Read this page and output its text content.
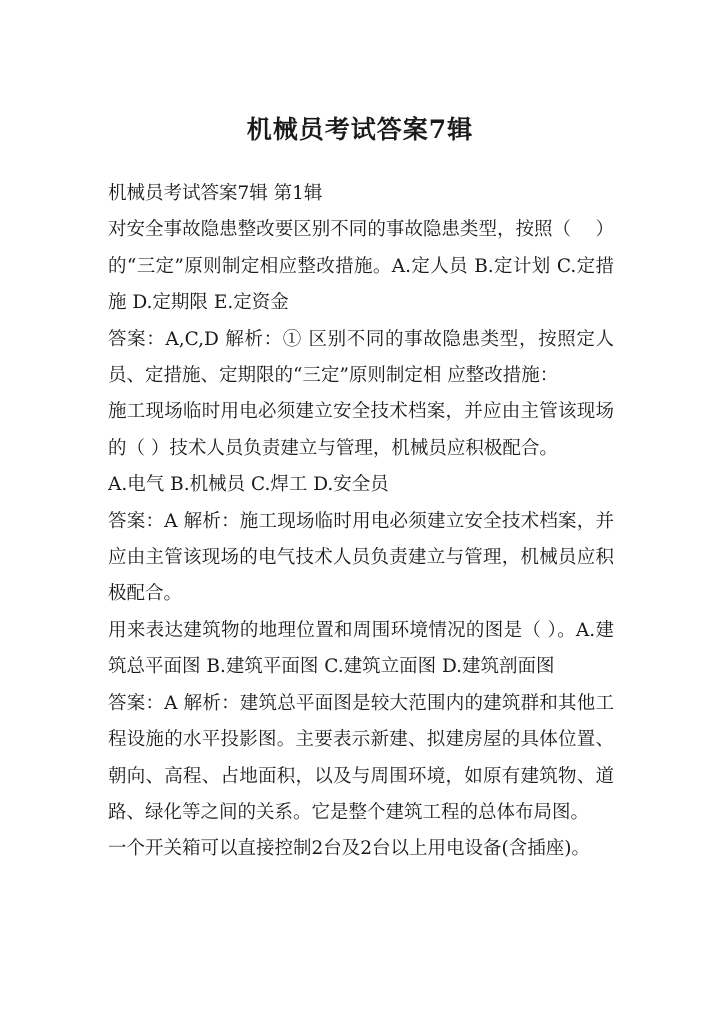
机械员考试答案7辑

机械员考试答案7辑 第1辑

对安全事故隐患整改要区别不同的事故隐患类型，按照（　 ）的“三定”原则制定相应整改措施。A.定人员 B.定计划 C.定措施 D.定期限 E.定资金

答案：A,C,D 解析：① 区别不同的事故隐患类型，按照定人员、定措施、定期限的“三定”原则制定相 应整改措施：

施工现场临时用电必须建立安全技术档案，并应由主管该现场的（ ）技术人员负责建立与管理，机械员应积极配合。

A.电气 B.机械员 C.焊工 D.安全员

答案：A 解析：施工现场临时用电必须建立安全技术档案，并应由主管该现场的电气技术人员负责建立与管理，机械员应积极配合。

用来表达建筑物的地理位置和周围环境情况的图是（ ）。A.建筑总平面图 B.建筑平面图 C.建筑立面图 D.建筑剖面图

答案：A 解析：建筑总平面图是较大范围内的建筑群和其他工程设施的水平投影图。主要表示新建、拟建房屋的具体位置、朝向、高程、占地面积，以及与周围环境，如原有建筑物、道路、绿化等之间的关系。它是整个建筑工程的总体布局图。

一个开关箱可以直接控制2台及2台以上用电设备(含插座)。
